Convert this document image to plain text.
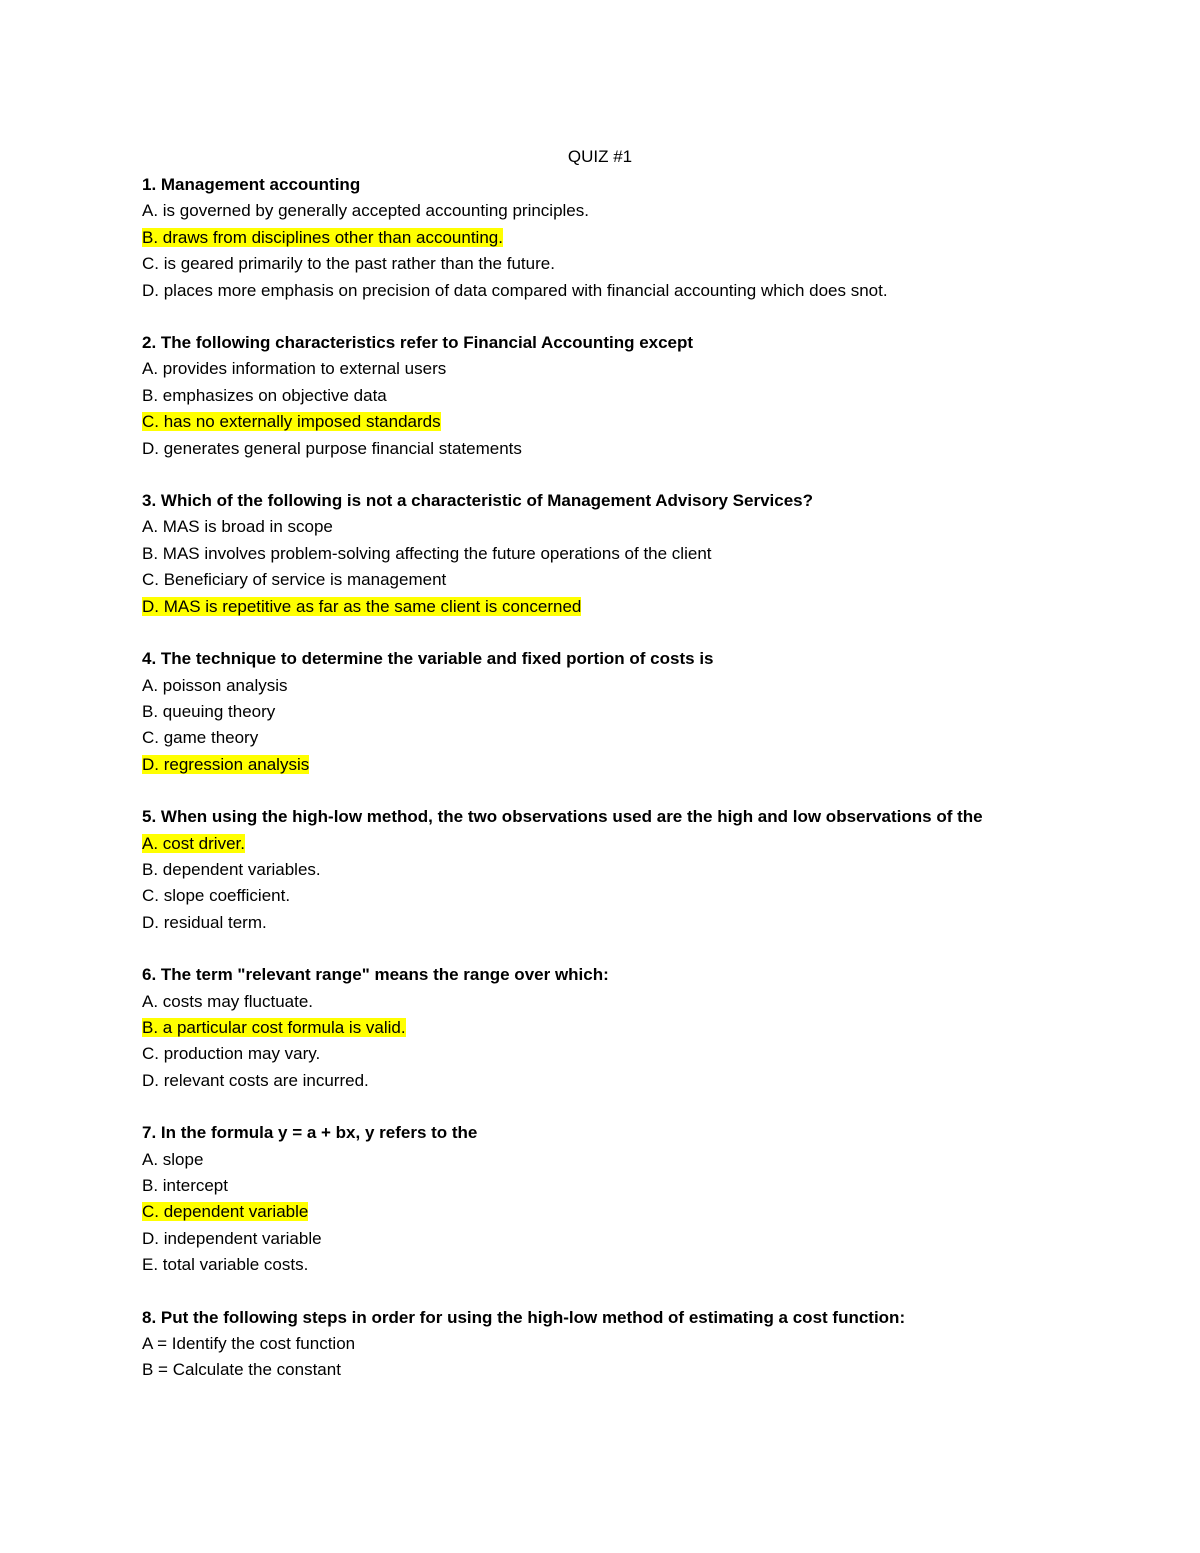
QUIZ #1
1. Management accounting
A. is governed by generally accepted accounting principles.
B. draws from disciplines other than accounting.
C. is geared primarily to the past rather than the future.
D. places more emphasis on precision of data compared with financial accounting which does snot.
2. The following characteristics refer to Financial Accounting except
A. provides information to external users
B. emphasizes on objective data
C. has no externally imposed standards
D. generates general purpose financial statements
3. Which of the following is not a characteristic of Management Advisory Services?
A. MAS is broad in scope
B. MAS involves problem-solving affecting the future operations of the client
C. Beneficiary of service is management
D. MAS is repetitive as far as the same client is concerned
4. The technique to determine the variable and fixed portion of costs is
A. poisson analysis
B. queuing theory
C. game theory
D. regression analysis
5. When using the high-low method, the two observations used are the high and low observations of the
A. cost driver.
B. dependent variables.
C. slope coefficient.
D. residual term.
6. The term "relevant range" means the range over which:
A. costs may fluctuate.
B. a particular cost formula is valid.
C. production may vary.
D. relevant costs are incurred.
7. In the formula y = a + bx, y refers to the
A. slope
B. intercept
C. dependent variable
D. independent variable
E. total variable costs.
8. Put the following steps in order for using the high-low method of estimating a cost function:
A = Identify the cost function
B = Calculate the constant
